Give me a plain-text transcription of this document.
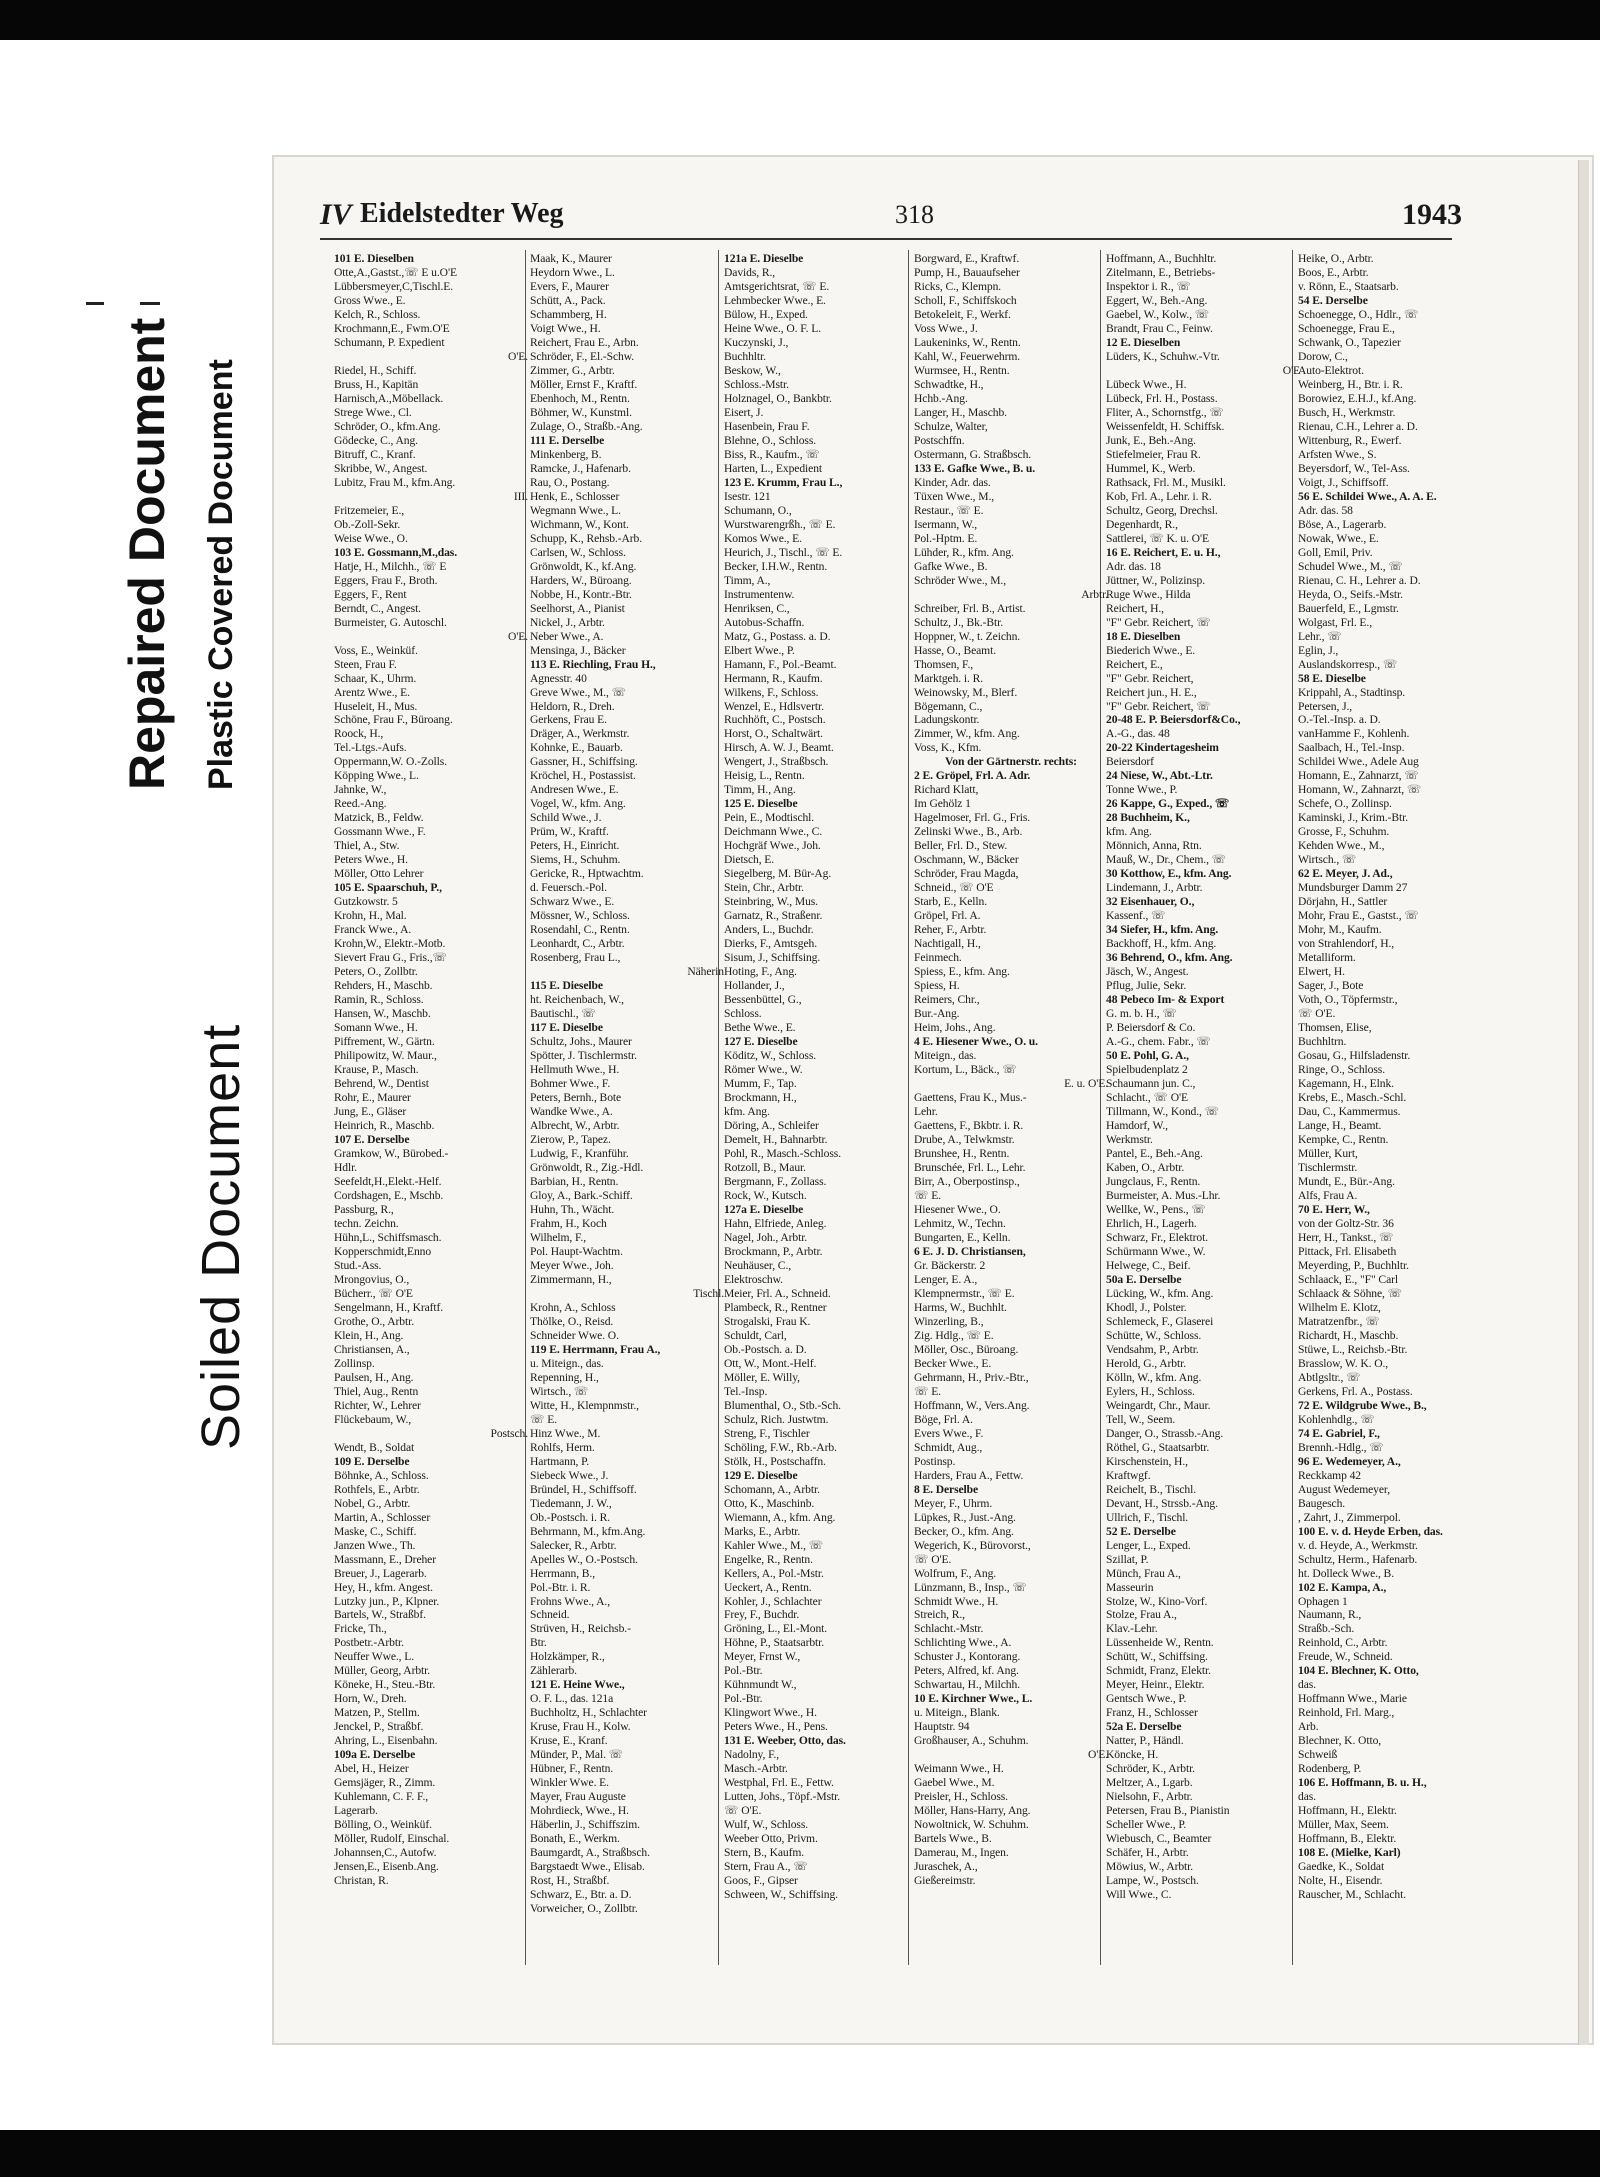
Repaired Document Plastic Covered Document
Soiled Document
IV Eidelstedter Weg	318	1943
101 E. Dieselben
Otte,A.,Gastst.,☏ E u.O'E
Lübbersmeyer,C,Tischl.E.
Gross Wwe., E.
Kelch, R., Schloss.
Krochmann,E., Fwm.O'E
Schumann, P. Expedient
O'E.
Riedel, H., Schiff.
Bruss, H., Kapitän
Harnisch,A.,Möbellack.
Strege Wwe., Cl.
Schröder, O., kfm.Ang.
Gödecke, C., Ang.
Bitruff, C., Kranf.
Skribbe, W., Angest.
Lubitz, Frau M., kfm.Ang.
III.
Fritzemeier, E.,
Ob.-Zoll-Sekr.
Weise Wwe., O.
103 E. Gossmann,M.,das.
Hatje, H., Milchh., ☏ E
Eggers, Frau F., Broth.
Eggers, F., Rent
Berndt, C., Angest.
Burmeister, G. Autoschl.
O'E.
Voss, E., Weinküf.
Steen, Frau F.
Schaar, K., Uhrm.
Arentz Wwe., E.
Huseleit, H., Mus.
Schöne, Frau F., Büroang.
Roock, H.,
Tel.-Ltgs.-Aufs.
Oppermann,W. O.-Zolls.
Köpping Wwe., L.
Jahnke, W.,
Reed.-Ang.
Matzick, B., Feldw.
Gossmann Wwe., F.
Thiel, A., Stw.
Peters Wwe., H.
Möller, Otto Lehrer
105 E. Spaarschuh, P.,
Gutzkowstr. 5
Krohn, H., Mal.
Franck Wwe., A.
Krohn,W., Elektr.-Motb.
Sievert Frau G., Fris.,☏
Peters, O., Zollbtr.
Rehders, H., Maschb.
Ramin, R., Schloss.
Hansen, W., Maschb.
Somann Wwe., H.
Piffrement, W., Gärtn.
Philipowitz, W. Maur.,
Krause, P., Masch.
Behrend, W., Dentist
Rohr, E., Maurer
Jung, E., Gläser
Heinrich, R., Maschb.
107 E. Derselbe
Gramkow, W., Bürobed.-
Hdlr.
Seefeldt,H.,Elekt.-Helf.
Cordshagen, E., Mschb.
Passburg, R.,
techn. Zeichn.
Hühn,L., Schiffsmasch.
Kopperschmidt,Enno
Stud.-Ass.
Mrongovius, O.,
Bücherr., ☏ O'E
Sengelmann, H., Kraftf.
Grothe, O., Arbtr.
Klein, H., Ang.
Christiansen, A.,
Zollinsp.
Paulsen, H., Ang.
Thiel, Aug., Rentn
Richter, W., Lehrer
Flückebaum, W.,
Postsch.
Wendt, B., Soldat
109 E. Derselbe
Böhnke, A., Schloss.
Rothfels, E., Arbtr.
Nobel, G., Arbtr.
Martin, A., Schlosser
Maske, C., Schiff.
Janzen Wwe., Th.
Massmann, E., Dreher
Breuer, J., Lagerarb.
Hey, H., kfm. Angest.
Lutzky jun., P., Klpner.
Bartels, W., Straßbf.
Fricke, Th.,
Postbetr.-Arbtr.
Neuffer Wwe., L.
Müller, Georg, Arbtr.
Köneke, H., Steu.-Btr.
Horn, W., Dreh.
Matzen, P., Stellm.
Jenckel, P., Straßbf.
Ahring, L., Eisenbahn.
109a E. Derselbe
Abel, H., Heizer
Gemsjäger, R., Zimm.
Kuhlemann, C. F. F.,
Lagerarb.
Bölling, O., Weinküf.
Möller, Rudolf, Einschal.
Johannsen,C., Autofw.
Jensen,E., Eisenb.Ang.
Christan, R.
Maak, K., Maurer
Heydorn Wwe., L.
Evers, F., Maurer
Schütt, A., Pack.
Schammberg, H.
Voigt Wwe., H.
Reichert, Frau E., Arbn.
Schröder, F., El.-Schw.
Zimmer, G., Arbtr.
Möller, Ernst F., Kraftf.
Ebenhoch, M., Rentn.
Böhmer, W., Kunstml.
Zulage, O., Straßb.-Ang.
111 E. Derselbe
Minkenberg, B.
Ramcke, J., Hafenarb.
Rau, O., Postang.
Henk, E., Schlosser
Wegmann Wwe., L.
Wichmann, W., Kont.
Schupp, K., Rehsb.-Arb.
Carlsen, W., Schloss.
Grönwoldt, K., kf.Ang.
Harders, W., Büroang.
Nobbe, H., Kontr.-Btr.
Seelhorst, A., Pianist
Nickel, J., Arbtr.
Neber Wwe., A.
Mensinga, J., Bäcker
113 E. Riechling, Frau H.,
Agnesstr. 40
Greve Wwe., M., ☏
Heldorn, R., Dreh.
Gerkens, Frau E.
Dräger, A., Werkmstr.
Kohnke, E., Bauarb.
Gassner, H., Schiffsing.
Kröchel, H., Postassist.
Andresen Wwe., E.
Vogel, W., kfm. Ang.
Schild Wwe., J.
Prüm, W., Kraftf.
Peters, H., Einricht.
Siems, H., Schuhm.
Gericke, R., Hptwachtm.
d. Feuersch.-Pol.
Schwarz Wwe., E.
Mössner, W., Schloss.
Rosendahl, C., Rentn.
Leonhardt, C., Arbtr.
Rosenberg, Frau L.,
Näherin
115 E. Dieselbe
ht. Reichenbach, W.,
Bautischl., ☏
117 E. Dieselbe
Schultz, Johs., Maurer
Spötter, J. Tischlermstr.
Hellmuth Wwe., H.
Bohmer Wwe., F.
Peters, Bernh., Bote
Wandke Wwe., A.
Albrecht, W., Arbtr.
Zierow, P., Tapez.
Ludwig, F., Kranführ.
Grönwoldt, R., Zig.-Hdl.
Barbian, H., Rentn.
Gloy, A., Bark.-Schiff.
Huhn, Th., Wächt.
Frahm, H., Koch
Wilhelm, F.,
Pol. Haupt-Wachtm.
Meyer Wwe., Joh.
Zimmermann, H.,
Tischl.
Krohn, A., Schloss
Thölke, O., Reisd.
Schneider Wwe. O.
119 E. Herrmann, Frau A.,
u. Miteign., das.
Repenning, H.,
Wirtsch., ☏
Witte, H., Klempnmstr.,
☏ E.
Hinz Wwe., M.
Rohlfs, Herm.
Hartmann, P.
Siebeck Wwe., J.
Bründel, H., Schiffsoff.
Tiedemann, J. W.,
Ob.-Postsch. i. R.
Behrmann, M., kfm.Ang.
Salecker, R., Arbtr.
Apelles W., O.-Postsch.
Herrmann, B.,
Pol.-Btr. i. R.
Frohns Wwe., A.,
Schneid.
Strüven, H., Reichsb.-
Btr.
Holzkämper, R.,
Zählerarb.
121 E. Heine Wwe.,
O. F. L., das. 121a
Buchholtz, H., Schlachter
Kruse, Frau H., Kolw.
Kruse, E., Kranf.
Münder, P., Mal. ☏
Hübner, F., Rentn.
Winkler Wwe. E.
Mayer, Frau Auguste
Mohrdieck, Wwe., H.
Häberlin, J., Schiffszim.
Bonath, E., Werkm.
Baumgardt, A., Straßbsch.
Bargstaedt Wwe., Elisab.
Rost, H., Straßbf.
Schwarz, E., Btr. a. D.
Vorweicher, O., Zollbtr.
121a E. Dieselbe
Davids, R.,
Amtsgerichtsrat, ☏ E.
Lehmbecker Wwe., E.
Bülow, H., Exped.
Heine Wwe., O. F. L.
Kuczynski, J.,
Buchhltr.
Beskow, W.,
Schloss.-Mstr.
Holznagel, O., Bankbtr.
Eisert, J.
Hasenbein, Frau F.
Blehne, O., Schloss.
Biss, R., Kaufm., ☏
Harten, L., Expedient
123 E. Krumm, Frau L.,
Isestr. 121
Schumann, O.,
Wurstwarengrßh., ☏ E.
Komos Wwe., E.
Heurich, J., Tischl., ☏ E.
Becker, I.H.W., Rentn.
Timm, A.,
Instrumentenw.
Henriksen, C.,
Autobus-Schaffn.
Matz, G., Postass. a. D.
Elbert Wwe., P.
Hamann, F., Pol.-Beamt.
Hermann, R., Kaufm.
Wilkens, F., Schloss.
Wenzel, E., Hdlsvertr.
Ruchhöft, C., Postsch.
Horst, O., Schaltwärt.
Hirsch, A. W. J., Beamt.
Wengert, J., Straßbsch.
Heisig, L., Rentn.
Timm, H., Ang.
125 E. Dieselbe
Pein, E., Modtischl.
Deichmann Wwe., C.
Hochgräf Wwe., Joh.
Dietsch, E.
Siegelberg, M. Bür-Ag.
Stein, Chr., Arbtr.
Steinbring, W., Mus.
Garnatz, R., Straßenr.
Anders, L., Buchdr.
Dierks, F., Amtsgeh.
Sisum, J., Schiffsing.
Hoting, F., Ang.
Hollander, J.,
Bessenbüttel, G.,
Schloss.
Bethe Wwe., E.
127 E. Dieselbe
Köditz, W., Schloss.
Römer Wwe., W.
Mumm, F., Tap.
Brockmann, H.,
kfm. Ang.
Döring, A., Schleifer
Demelt, H., Bahnarbtr.
Pohl, R., Masch.-Schloss.
Rotzoll, B., Maur.
Bergmann, F., Zollass.
Rock, W., Kutsch.
127a E. Dieselbe
Hahn, Elfriede, Anleg.
Nagel, Joh., Arbtr.
Brockmann, P., Arbtr.
Neuhäuser, C.,
Elektroschw.
Meier, Frl. A., Schneid.
Plambeck, R., Rentner
Strogalski, Frau K.
Schuldt, Carl,
Ob.-Postsch. a. D.
Ott, W., Mont.-Helf.
Möller, E. Willy,
Tel.-Insp.
Blumenthal, O., Stb.-Sch.
Schulz, Rich. Justwtm.
Streng, F., Tischler
Schöling, F.W., Rb.-Arb.
Stölk, H., Postschaffn.
129 E. Dieselbe
Schomann, A., Arbtr.
Otto, K., Maschinb.
Wiemann, A., kfm. Ang.
Marks, E., Arbtr.
Kahler Wwe., M., ☏
Engelke, R., Rentn.
Kellers, A., Pol.-Mstr.
Ueckert, A., Rentn.
Kohler, J., Schlachter
Frey, F., Buchdr.
Gröning, L., El.-Mont.
Höhne, P., Staatsarbtr.
Meyer, Frnst W.,
Pol.-Btr.
Kühnmundt W.,
Pol.-Btr.
Klingwort Wwe., H.
Peters Wwe., H., Pens.
131 E. Weeber, Otto, das.
Nadolny, F.,
Masch.-Arbtr.
Westphal, Frl. E., Fettw.
Lutten, Johs., Töpf.-Mstr.
☏ O'E.
Wulf, W., Schloss.
Weeber Otto, Privm.
Stern, B., Kaufm.
Stern, Frau A., ☏
Goos, F., Gipser
Schween, W., Schiffsing.
Borgward, E., Kraftwf.
Pump, H., Bauaufseher
Ricks, C., Klempn.
Scholl, F., Schiffskoch
Betokeleit, F., Werkf.
Voss Wwe., J.
Laukeninks, W., Rentn.
Kahl, W., Feuerwehrm.
Wurmsee, H., Rentn.
Schwadtke, H.,
Hchb.-Ang.
Langer, H., Maschb.
Schulze, Walter,
Postschffn.
Ostermann, G. Straßbsch.
133 E. Gafke Wwe., B. u.
Kinder, Adr. das.
Tüxen Wwe., M.,
Restaur., ☏ E.
Isermann, W.,
Pol.-Hptm. E.
Lühder, R., kfm. Ang.
Gafke Wwe., B.
Schröder Wwe., M.,
Arbtr.
Schreiber, Frl. B., Artist.
Schultz, J., Bk.-Btr.
Hoppner, W., t. Zeichn.
Hasse, O., Beamt.
Thomsen, F.,
Marktgeh. i. R.
Weinowsky, M., Blerf.
Bögemann, C.,
Ladungskontr.
Zimmer, W., kfm. Ang.
Voss, K., Kfm.
Von der Gärtnerstr. rechts:
2 E. Gröpel, Frl. A. Adr.
Richard Klatt,
Im Gehölz 1
Hagelmoser, Frl. G., Fris.
Zelinski Wwe., B., Arb.
Beller, Frl. D., Stew.
Oschmann, W., Bäcker
Schröder, Frau Magda,
Schneid., ☏ O'E
Starb, E., Kelln.
Gröpel, Frl. A.
Reher, F., Arbtr.
Nachtigall, H.,
Feinmech.
Spiess, E., kfm. Ang.
Spiess, H.
Reimers, Chr.,
Bur.-Ang.
Heim, Johs., Ang.
4 E. Hiesener Wwe., O. u.
Miteign., das.
Kortum, L., Bäck., ☏
E. u. O'E.
Gaettens, Frau K., Mus.-
Lehr.
Gaettens, F., Bkbtr. i. R.
Drube, A., Telwkmstr.
Brunshee, H., Rentn.
Brunschée, Frl. L., Lehr.
Birr, A., Oberpostinsp.,
☏ E.
Hiesener Wwe., O.
Lehmitz, W., Techn.
Bungarten, E., Kelln.
6 E. J. D. Christiansen,
Gr. Bäckerstr. 2
Lenger, E. A.,
Klempnermstr., ☏ E.
Harms, W., Buchhlt.
Winzerling, B.,
Zig. Hdlg., ☏ E.
Möller, Osc., Büroang.
Becker Wwe., E.
Gehrmann, H., Priv.-Btr.,
☏ E.
Hoffmann, W., Vers.Ang.
Böge, Frl. A.
Evers Wwe., F.
Schmidt, Aug.,
Postinsp.
Harders, Frau A., Fettw.
8 E. Derselbe
Meyer, F., Uhrm.
Lüpkes, R., Just.-Ang.
Becker, O., kfm. Ang.
Wegerich, K., Bürovorst.,
☏ O'E.
Wolfrum, F., Ang.
Lünzmann, B., Insp., ☏
Schmidt Wwe., H.
Streich, R.,
Schlacht.-Mstr.
Schlichting Wwe., A.
Schuster J., Kontorang.
Peters, Alfred, kf. Ang.
Schwartau, H., Milchh.
10 E. Kirchner Wwe., L.
u. Miteign., Blank.
Hauptstr. 94
Großhauser, A., Schuhm.
O'E.
Weimann Wwe., H.
Gaebel Wwe., M.
Preisler, H., Schloss.
Möller, Hans-Harry, Ang.
Nowoltnick, W. Schuhm.
Bartels Wwe., B.
Damerau, M., Ingen.
Juraschek, A.,
Gießereimstr.
Hoffmann, A., Buchhltr.
Zitelmann, E., Betriebs-
Inspektor i. R., ☏
Eggert, W., Beh.-Ang.
Gaebel, W., Kolw., ☏
Brandt, Frau C., Feinw.
12 E. Dieselben
Lüders, K., Schuhw.-Vtr.
O'E
Lübeck Wwe., H.
Lübeck, Frl. H., Postass.
Fliter, A., Schornstfg., ☏
Weissenfeldt, H. Schiffsk.
Junk, E., Beh.-Ang.
Stiefelmeier, Frau R.
Hummel, K., Werb.
Rathsack, Frl. M., Musikl.
Kob, Frl. A., Lehr. i. R.
Schultz, Georg, Drechsl.
Degenhardt, R.,
Sattlerei, ☏ K. u. O'E
16 E. Reichert, E. u. H.,
Adr. das. 18
Jüttner, W., Polizinsp.
Ruge Wwe., Hilda
Reichert, H.,
"F" Gebr. Reichert, ☏
18 E. Dieselben
Biederich Wwe., E.
Reichert, E.,
"F" Gebr. Reichert,
Reichert jun., H. E.,
"F" Gebr. Reichert, ☏
20-48 E. P. Beiersdorf&Co.,
A.-G., das. 48
20-22 Kindertagesheim
Beiersdorf
24 Niese, W., Abt.-Ltr.
Tonne Wwe., P.
26 Kappe, G., Exped., ☏
28 Buchheim, K.,
kfm. Ang.
Mönnich, Anna, Rtn.
Mauß, W., Dr., Chem., ☏
30 Kotthow, E., kfm. Ang.
Lindemann, J., Arbtr.
32 Eisenhauer, O.,
Kassenf., ☏
34 Siefer, H., kfm. Ang.
Backhoff, H., kfm. Ang.
36 Behrend, O., kfm. Ang.
Jäsch, W., Angest.
Pflug, Julie, Sekr.
48 Pebeco Im- & Export
G. m. b. H., ☏
P. Beiersdorf & Co.
A.-G., chem. Fabr., ☏
50 E. Pohl, G. A.,
Spielbudenplatz 2
Schaumann jun. C.,
Schlacht., ☏ O'E
Tillmann, W., Kond., ☏
Hamdorf, W.,
Werkmstr.
Pantel, E., Beh.-Ang.
Kaben, O., Arbtr.
Jungclaus, F., Rentn.
Burmeister, A. Mus.-Lhr.
Wellke, W., Pens., ☏
Ehrlich, H., Lagerh.
Schwarz, Fr., Elektrot.
Schürmann Wwe., W.
Helwege, C., Beif.
50a E. Derselbe
Lücking, W., kfm. Ang.
Khodl, J., Polster.
Schlemeck, F., Glaserei
Schütte, W., Schloss.
Vendsahm, P., Arbtr.
Herold, G., Arbtr.
Kölln, W., kfm. Ang.
Eylers, H., Schloss.
Weingardt, Chr., Maur.
Tell, W., Seem.
Danger, O., Strassb.-Ang.
Röthel, G., Staatsarbtr.
Kirschenstein, H.,
Kraftwgf.
Reichelt, B., Tischl.
Devant, H., Strssb.-Ang.
Ullrich, F., Tischl.
52 E. Derselbe
Lenger, L., Exped.
Szillat, P.
Münch, Frau A.,
Masseurin
Stolze, W., Kino-Vorf.
Stolze, Frau A.,
Klav.-Lehr.
Lüssenheide W., Rentn.
Schütt, W., Schiffsing.
Schmidt, Franz, Elektr.
Meyer, Heinr., Elektr.
Gentsch Wwe., P.
Franz, H., Schlosser
52a E. Derselbe
Natter, P., Händl.
Köncke, H.
Schröder, K., Arbtr.
Meltzer, A., Lgarb.
Nielsohn, F., Arbtr.
Petersen, Frau B., Pianistin
Scheller Wwe., P.
Wiebusch, C., Beamter
Schäfer, H., Arbtr.
Möwius, W., Arbtr.
Lampe, W., Postsch.
Will Wwe., C.
Heike, O., Arbtr.
Boos, E., Arbtr.
v. Rönn, E., Staatsarb.
54 E. Derselbe
Schoenegge, O., Hdlr., ☏
Schoenegge, Frau E.,
Schwank, O., Tapezier
Dorow, C.,
Auto-Elektrot.
Weinberg, H., Btr. i. R.
Borowiez, E.H.J., kf.Ang.
Busch, H., Werkmstr.
Rienau, C.H., Lehrer a. D.
Wittenburg, R., Ewerf.
Arfsten Wwe., S.
Beyersdorf, W., Tel-Ass.
Voigt, J., Schiffsoff.
56 E. Schildei Wwe., A. A. E.
Adr. das. 58
Böse, A., Lagerarb.
Nowak, Wwe., E.
Goll, Emil, Priv.
Schudel Wwe., M., ☏
Rienau, C. H., Lehrer a. D.
Heyda, O., Seifs.-Mstr.
Bauerfeld, E., Lgmstr.
Wolgast, Frl. E.,
Lehr., ☏
Eglin, J.,
Auslandskorresp., ☏
58 E. Dieselbe
Krippahl, A., Stadtinsp.
Petersen, J.,
O.-Tel.-Insp. a. D.
vanHamme F., Kohlenh.
Saalbach, H., Tel.-Insp.
Schildei Wwe., Adele Aug
Homann, E., Zahnarzt, ☏
Homann, W., Zahnarzt, ☏
Schefe, O., Zollinsp.
Kaminski, J., Krim.-Btr.
Grosse, F., Schuhm.
Kehden Wwe., M.,
Wirtsch., ☏
62 E. Meyer, J. Ad.,
Mundsburger Damm 27
Dörjahn, H., Sattler
Mohr, Frau E., Gastst., ☏
Mohr, M., Kaufm.
von Strahlendorf, H.,
Metalliform.
Elwert, H.
Sager, J., Bote
Voth, O., Töpfermstr.,
☏ O'E.
Thomsen, Elise,
Buchhltrn.
Gosau, G., Hilfsladenstr.
Ringe, O., Schloss.
Kagemann, H., Elnk.
Krebs, E., Masch.-Schl.
Dau, C., Kammermus.
Lange, H., Beamt.
Kempke, C., Rentn.
Müller, Kurt,
Tischlermstr.
Mundt, E., Bür.-Ang.
Alfs, Frau A.
70 E. Herr, W.,
von der Goltz-Str. 36
Herr, H., Tankst., ☏
Pittack, Frl. Elisabeth
Meyerding, P., Buchhltr.
Schlaack, E., "F" Carl
Schlaack & Söhne, ☏
Wilhelm E. Klotz,
Matratzenfbr., ☏
Richardt, H., Maschb.
Stüwe, L., Reichsb.-Btr.
Brasslow, W. K. O.,
Abtlgsltr., ☏
Gerkens, Frl. A., Postass.
72 E. Wildgrube Wwe., B.,
Kohlenhdlg., ☏
74 E. Gabriel, F.,
Brennh.-Hdlg., ☏
96 E. Wedemeyer, A.,
Reckkamp 42
August Wedemeyer,
Baugesch.
, Zahrt, J., Zimmerpol.
100 E. v. d. Heyde Erben, das.
v. d. Heyde, A., Werkmstr.
Schultz, Herm., Hafenarb.
ht. Dolleck Wwe., B.
102 E. Kampa, A.,
Ophagen 1
Naumann, R.,
Straßb.-Sch.
Reinhold, C., Arbtr.
Freude, W., Schneid.
104 E. Blechner, K. Otto,
das.
Hoffmann Wwe., Marie
Reinhold, Frl. Marg.,
Arb.
Blechner, K. Otto,
Schweiß
Rodenberg, P.
106 E. Hoffmann, B. u. H.,
das.
Hoffmann, H., Elektr.
Müller, Max, Seem.
Hoffmann, B., Elektr.
108 E. (Mielke, Karl)
Gaedke, K., Soldat
Nolte, H., Eisendr.
Rauscher, M., Schlacht.
